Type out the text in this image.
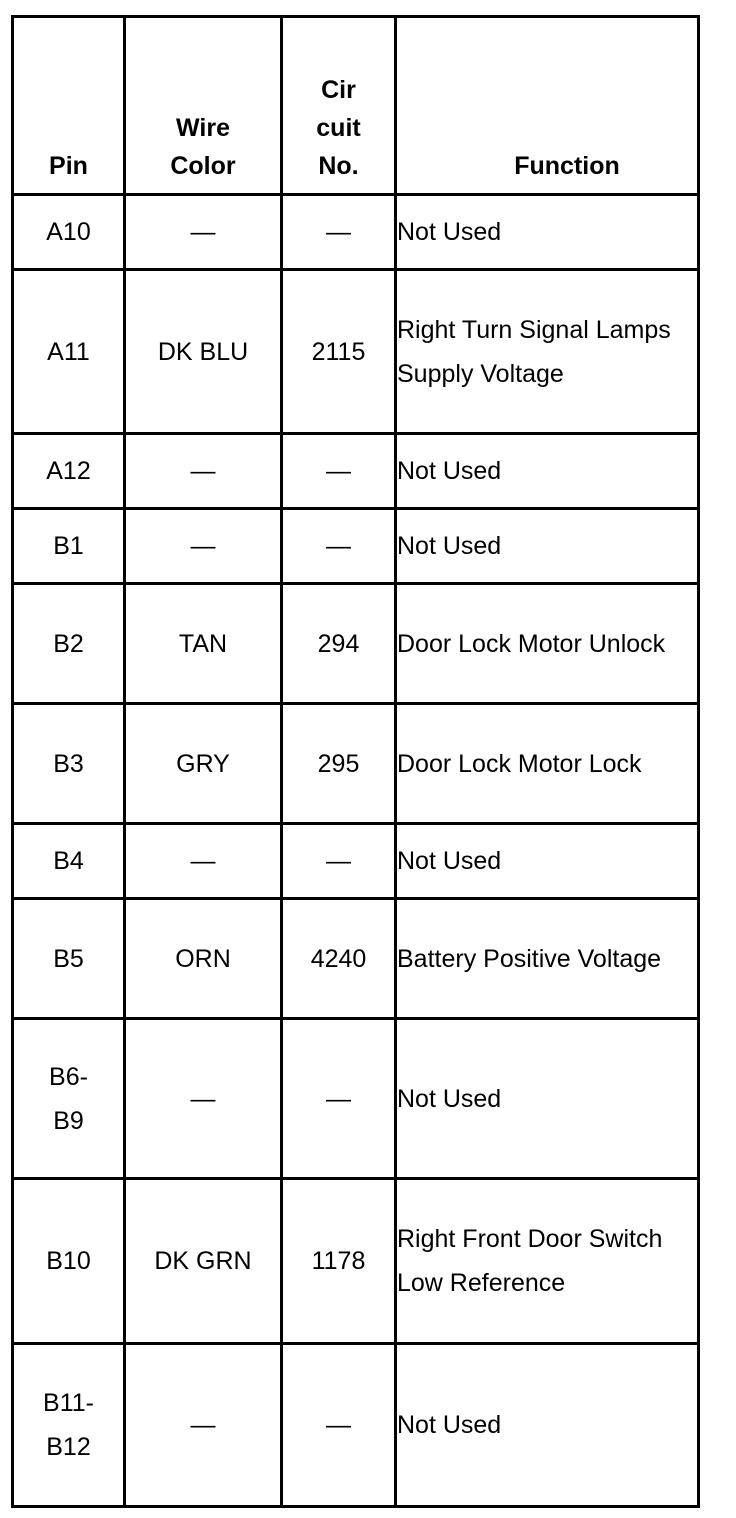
Pin	Wire Color	Cir cuit No.	Function
A10	—	—	Not Used
A11	DK BLU	2115	Right Turn Signal Lamps Supply Voltage
A12	—	—	Not Used
B1	—	—	Not Used
B2	TAN	294	Door Lock Motor Unlock
B3	GRY	295	Door Lock Motor Lock
B4	—	—	Not Used
B5	ORN	4240	Battery Positive Voltage
B6-B9	—	—	Not Used
B10	DK GRN	1178	Right Front Door Switch Low Reference
B11-B12	—	—	Not Used
